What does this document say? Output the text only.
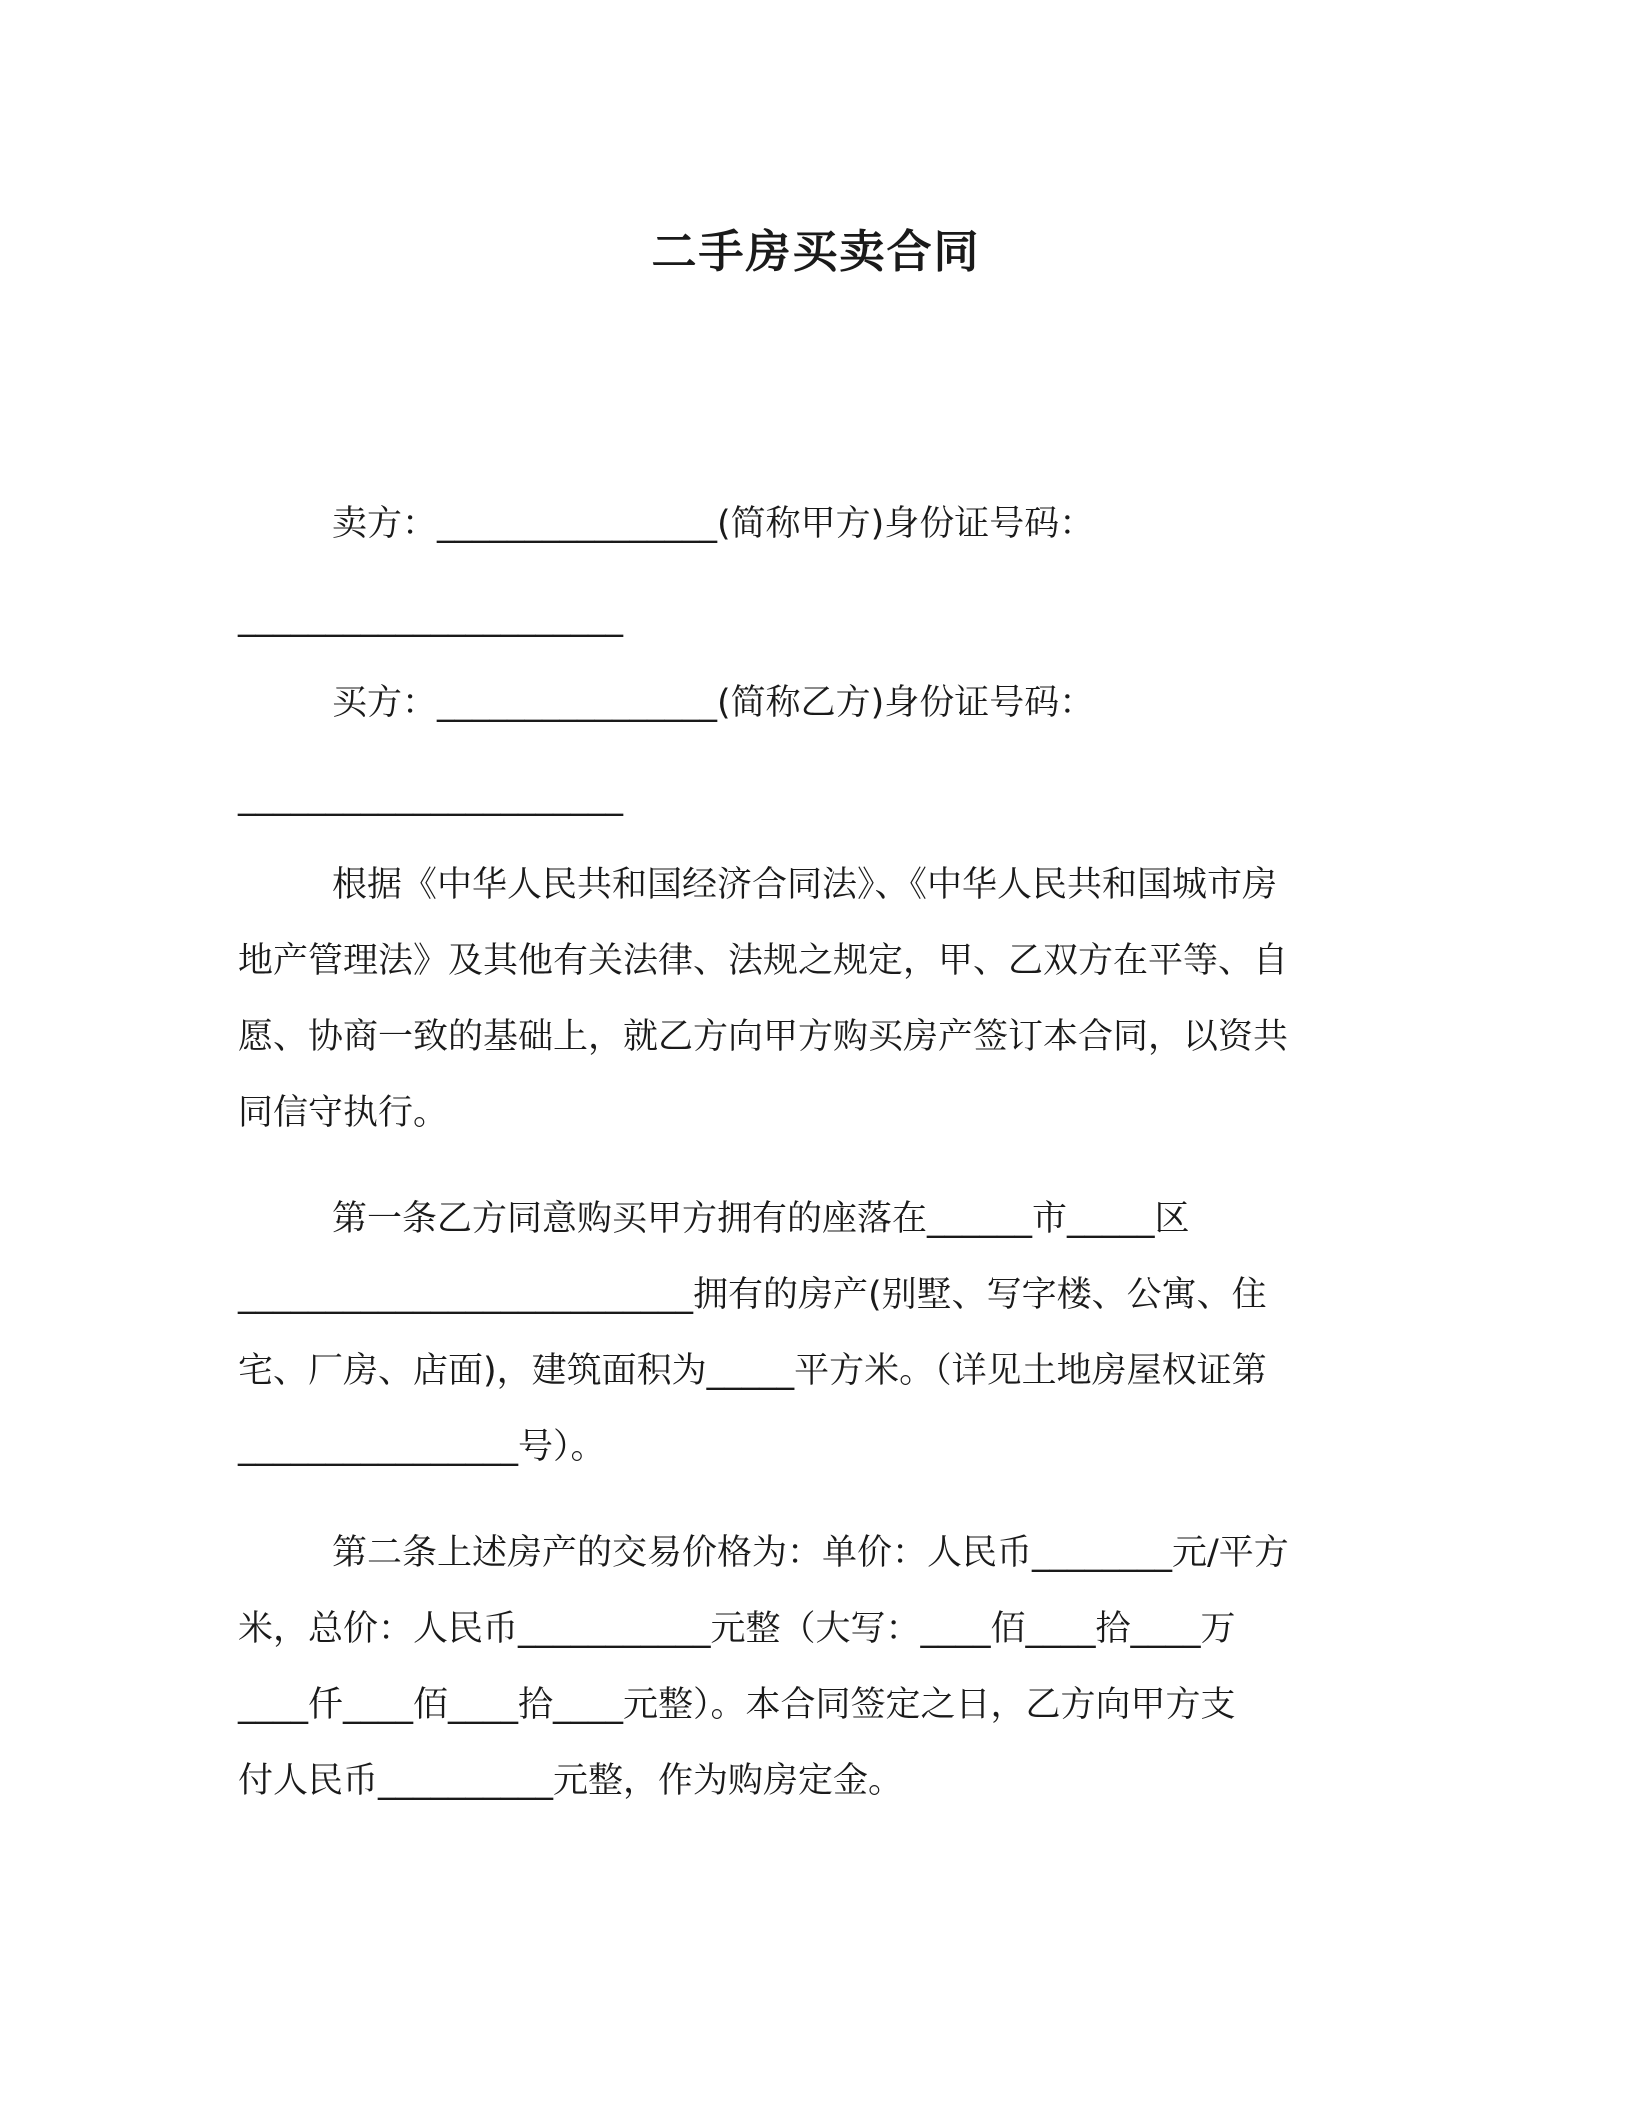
二手房买卖合同
卖方：________________(简称甲方)身份证号码：
______________________
买方：________________(简称乙方)身份证号码：
______________________
根据《中华人民共和国经济合同法》、《中华人民共和国城市房
地产管理法》及其他有关法律、法规之规定，甲、乙双方在平等、自
愿、协商一致的基础上，就乙方向甲方购买房产签订本合同，以资共
同信守执行。
第一条乙方同意购买甲方拥有的座落在______市_____区
__________________________拥有的房产(别墅、写字楼、公寓、住
宅、厂房、店面)，建筑面积为_____平方米。（详见土地房屋权证第
________________号）。
第二条上述房产的交易价格为：单价：人民币________元/平方
米，总价：人民币___________元整（大写：____佰____拾____万
____仟____佰____拾____元整）。本合同签定之日，乙方向甲方支
付人民币__________元整，作为购房定金。
